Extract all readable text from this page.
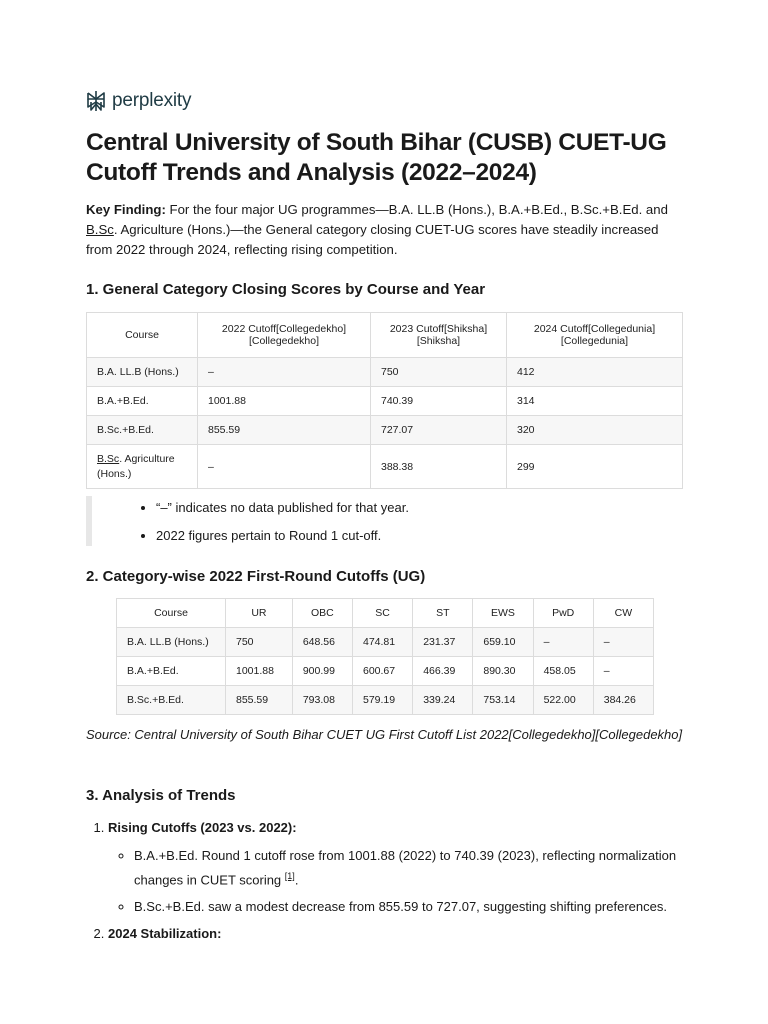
perplexity
Central University of South Bihar (CUSB) CUET-UG Cutoff Trends and Analysis (2022–2024)

Key Finding: For the four major UG programmes—B.A. LL.B (Hons.), B.A.+B.Ed., B.Sc.+B.Ed. and B.Sc. Agriculture (Hons.)—the General category closing CUET-UG scores have steadily increased from 2022 through 2024, reflecting rising competition.

1. General Category Closing Scores by Course and Year
Course	2022 Cutoff[Collegedekho][Collegedekho]	2023 Cutoff[Shiksha][Shiksha]	2024 Cutoff[Collegedunia][Collegedunia]
B.A. LL.B (Hons.)	–	750	412
B.A.+B.Ed.	1001.88	740.39	314
B.Sc.+B.Ed.	855.59	727.07	320
B.Sc. Agriculture (Hons.)	–	388.38	299
• “–” indicates no data published for that year.
• 2022 figures pertain to Round 1 cut-off.
2. Category-wise 2022 First-Round Cutoffs (UG)
Course	UR	OBC	SC	ST	EWS	PwD	CW
B.A. LL.B (Hons.)	750	648.56	474.81	231.37	659.10	–	–
B.A.+B.Ed.	1001.88	900.99	600.67	466.39	890.30	458.05	–
B.Sc.+B.Ed.	855.59	793.08	579.19	339.24	753.14	522.00	384.26

Source: Central University of South Bihar CUET UG First Cutoff List 2022[Collegedekho][Collegedekho]

3. Analysis of Trends
1. Rising Cutoffs (2023 vs. 2022):
◦ B.A.+B.Ed. Round 1 cutoff rose from 1001.88 (2022) to 740.39 (2023), reflecting normalization changes in CUET scoring [1].
◦ B.Sc.+B.Ed. saw a modest decrease from 855.59 to 727.07, suggesting shifting preferences.
2. 2024 Stabilization:
